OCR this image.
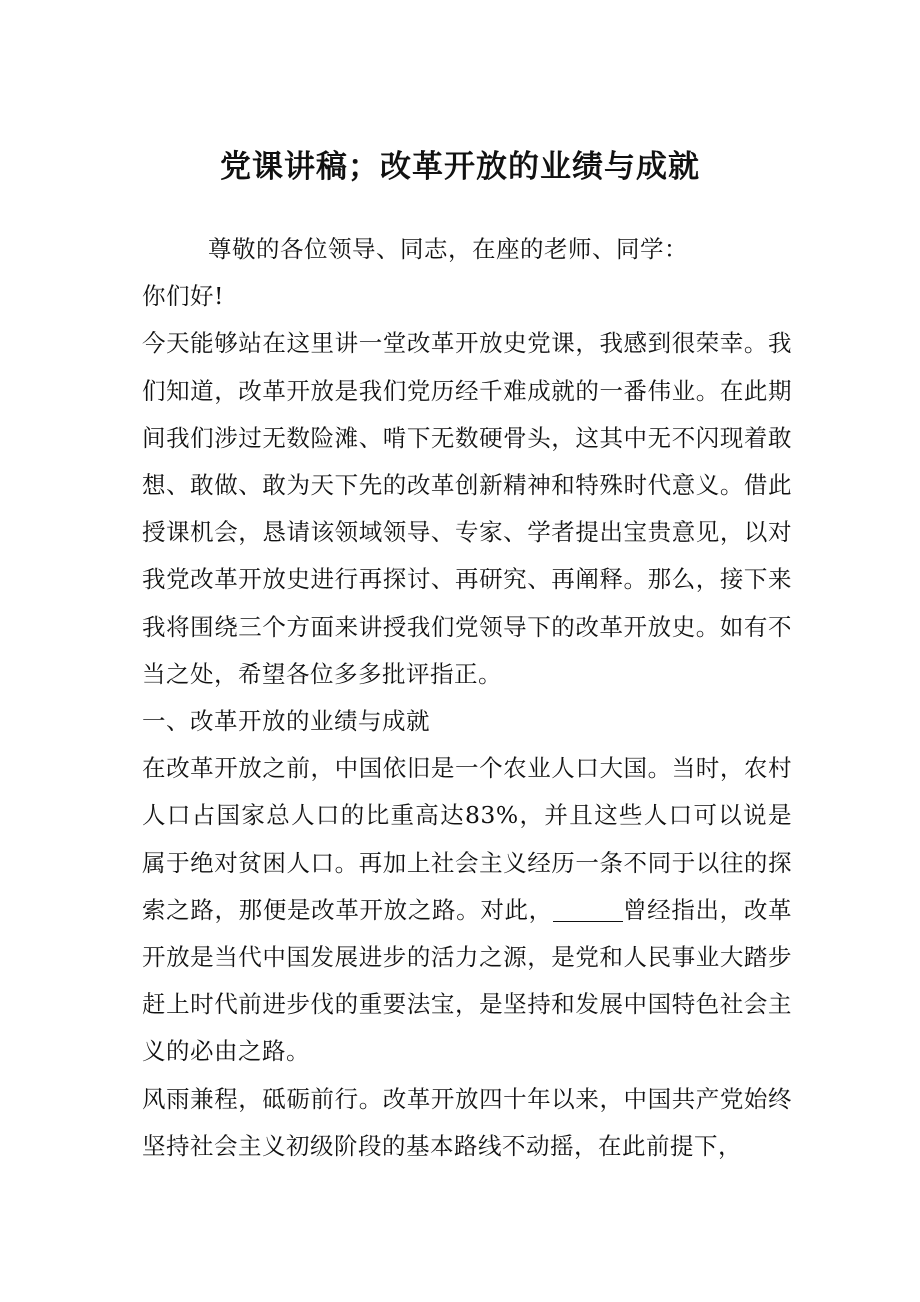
党课讲稿；改革开放的业绩与成就

尊敬的各位领导、同志，在座的老师、同学：

你们好!

今天能够站在这里讲一堂改革开放史党课，我感到很荣幸。我们知道，改革开放是我们党历经千难成就的一番伟业。在此期间我们涉过无数险滩、啃下无数硬骨头，这其中无不闪现着敢想、敢做、敢为天下先的改革创新精神和特殊时代意义。借此授课机会，恳请该领域领导、专家、学者提出宝贵意见，以对我党改革开放史进行再探讨、再研究、再阐释。那么，接下来我将围绕三个方面来讲授我们党领导下的改革开放史。如有不当之处，希望各位多多批评指正。

一、改革开放的业绩与成就

在改革开放之前，中国依旧是一个农业人口大国。当时，农村人口占国家总人口的比重高达83%，并且这些人口可以说是属于绝对贫困人口。再加上社会主义经历一条不同于以往的探索之路，那便是改革开放之路。对此，	曾经指出，改革开放是当代中国发展进步的活力之源，是党和人民事业大踏步赶上时代前进步伐的重要法宝，是坚持和发展中国特色社会主义的必由之路。

风雨兼程，砥砺前行。改革开放四十年以来，中国共产党始终坚持社会主义初级阶段的基本路线不动摇，在此前提下，
